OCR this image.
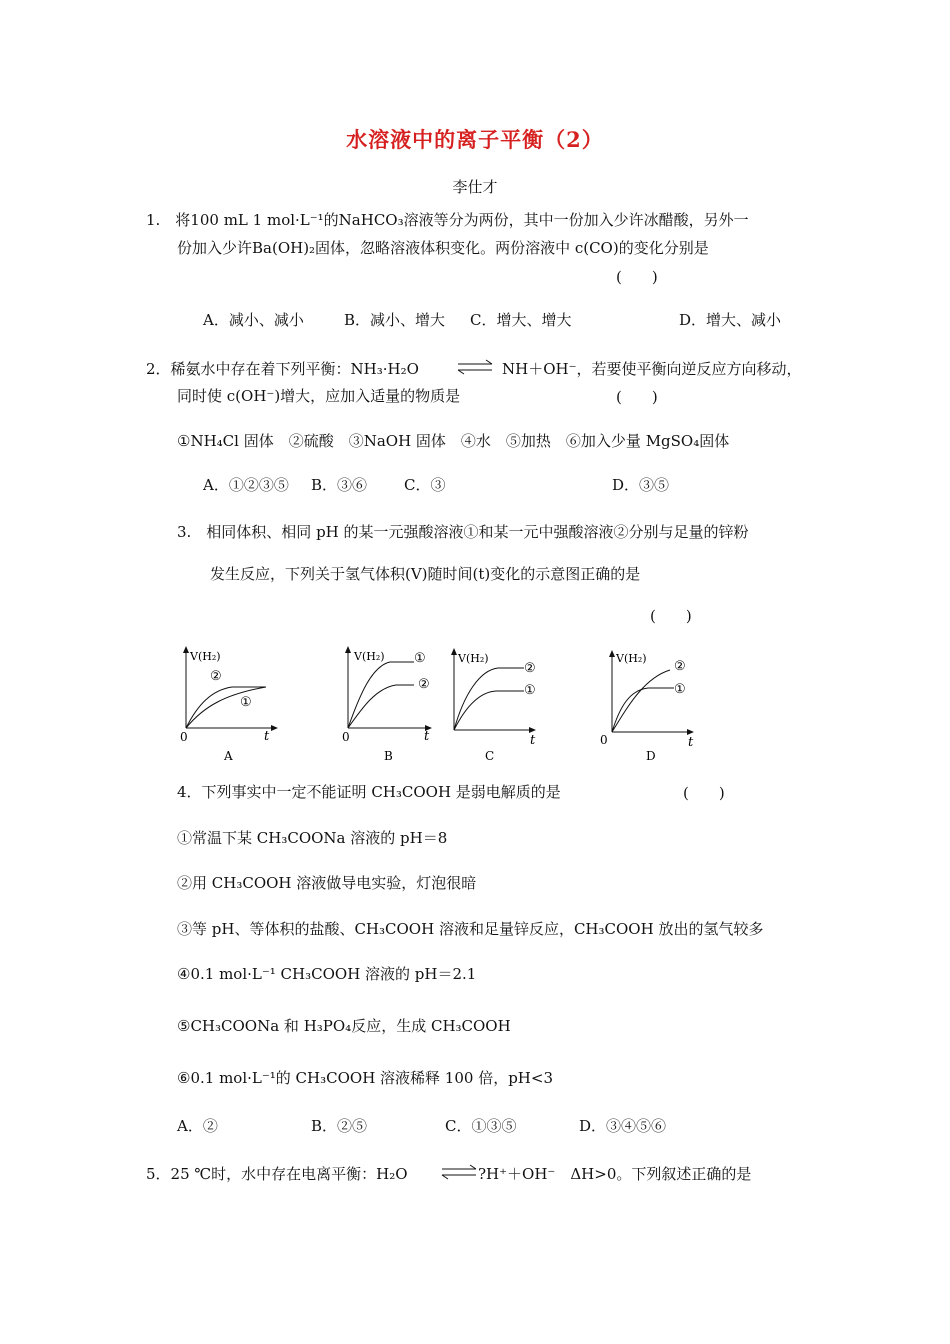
水溶液中的离子平衡（2）
李仕才
1.　将100 mL 1 mol·L⁻¹的NaHCO₃溶液等分为两份，其中一份加入少许冰醋酸，另外一
份加入少许Ba(OH)₂固体，忽略溶液体积变化。两份溶液中 c(CO)的变化分别是
(　　)
A．减小、减小	B．减小、增大 C．增大、增大	D．增大、减小
2．稀氨水中存在着下列平衡：NH₃·H₂O ⇌ NH＋OH⁻，若要使平衡向逆反应方向移动，
同时使 c(OH⁻)增大，应加入适量的物质是	(　　)
①NH₄Cl 固体　②硫酸　③NaOH 固体　④水　⑤加热　⑥加入少量 MgSO₄固体
A．①②③⑤ B．③⑥ C．③	D．③⑤
3.　相同体积、相同 pH 的某一元强酸溶液①和某一元中强酸溶液②分别与足量的锌粉
发生反应，下列关于氢气体积(V)随时间(t)变化的示意图正确的是
(　　)
V(H₂)
②
①
0	t
A
V(H₂) ①
②
0	t
B
V(H₂)
②
①
t
C
V(H₂)
②
①
0	t
D
4．下列事实中一定不能证明 CH₃COOH 是弱电解质的是	(　　)
①常温下某 CH₃COONa 溶液的 pH＝8
②用 CH₃COOH 溶液做导电实验，灯泡很暗
③等 pH、等体积的盐酸、CH₃COOH 溶液和足量锌反应，CH₃COOH 放出的氢气较多
④0.1 mol·L⁻¹ CH₃COOH 溶液的 pH＝2.1
⑤CH₃COONa 和 H₃PO₄反应，生成 CH₃COOH
⑥0.1 mol·L⁻¹的 CH₃COOH 溶液稀释 100 倍，pH<3
A．②	B．②⑤	C．①③⑤	D．③④⑤⑥
5．25 ℃时，水中存在电离平衡：H₂O	?H⁺＋OH⁻　ΔH>0。下列叙述正确的是
